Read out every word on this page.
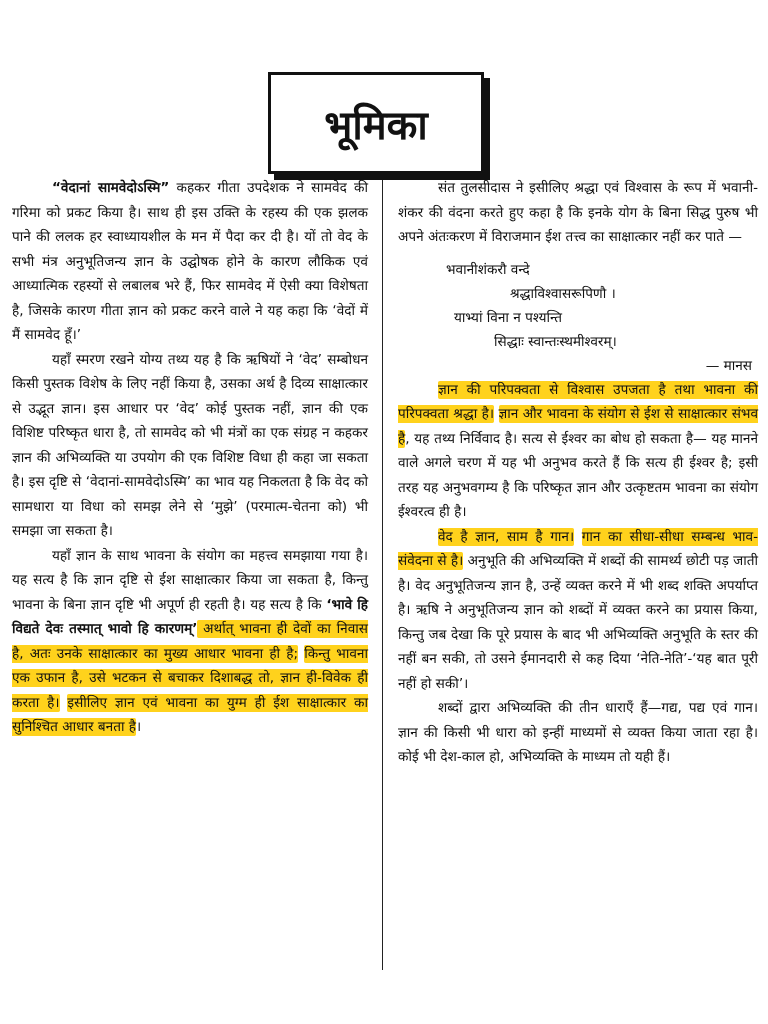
भूमिका

“वेदानां सामवेदोऽस्मि” कहकर गीता उपदेशक ने सामवेद की गरिमा को प्रकट किया है। साथ ही इस उक्ति के रहस्य की एक झलक पाने की ललक हर स्वाध्यायशील के मन में पैदा कर दी है। यों तो वेद के सभी मंत्र अनुभूतिजन्य ज्ञान के उद्घोषक होने के कारण लौकिक एवं आध्यात्मिक रहस्यों से लबालब भरे हैं, फिर सामवेद में ऐसी क्या विशेषता है, जिसके कारण गीता ज्ञान को प्रकट करने वाले ने यह कहा कि ‘वेदों में मैं सामवेद हूँ।’

यहाँ स्मरण रखने योग्य तथ्य यह है कि ऋषियों ने ‘वेद’ सम्बोधन किसी पुस्तक विशेष के लिए नहीं किया है, उसका अर्थ है दिव्य साक्षात्कार से उद्भूत ज्ञान। इस आधार पर ‘वेद’ कोई पुस्तक नहीं, ज्ञान की एक विशिष्ट परिष्कृत धारा है, तो सामवेद को भी मंत्रों का एक संग्रह न कहकर ज्ञान की अभिव्यक्ति या उपयोग की एक विशिष्ट विधा ही कहा जा सकता है। इस दृष्टि से ‘वेदानां-सामवेदोऽस्मि’ का भाव यह निकलता है कि वेद को सामधारा या विधा को समझ लेने से ‘मुझे’ (परमात्म-चेतना को) भी समझा जा सकता है।

यहाँ ज्ञान के साथ भावना के संयोग का महत्त्व समझाया गया है। यह सत्य है कि ज्ञान दृष्टि से ईश साक्षात्कार किया जा सकता है, किन्तु भावना के बिना ज्ञान दृष्टि भी अपूर्ण ही रहती है। यह सत्य है कि ‘भावे हि विद्यते देवः तस्मात् भावो हि कारणम्’ अर्थात् भावना ही देवों का निवास है, अतः उनके साक्षात्कार का मुख्य आधार भावना ही है; किन्तु भावना एक उफान है, उसे भटकन से बचाकर दिशाबद्ध तो, ज्ञान ही-विवेक ही करता है। इसीलिए ज्ञान एवं भावना का युग्म ही ईश साक्षात्कार का सुनिश्चित आधार बनता है।

संत तुलसीदास ने इसीलिए श्रद्धा एवं विश्वास के रूप में भवानी-शंकर की वंदना करते हुए कहा है कि इनके योग के बिना सिद्ध पुरुष भी अपने अंतःकरण में विराजमान ईश तत्त्व का साक्षात्कार नहीं कर पाते —

भवानीशंकरौ वन्दे
श्रद्धाविश्वासरूपिणौ ।
याभ्यां विना न पश्यन्ति
सिद्धाः स्वान्तःस्थमीश्वरम्।
— मानस

ज्ञान की परिपक्वता से विश्वास उपजता है तथा भावना की परिपक्वता श्रद्धा है। ज्ञान और भावना के संयोग से ईश से साक्षात्कार संभव है, यह तथ्य निर्विवाद है। सत्य से ईश्वर का बोध हो सकता है— यह मानने वाले अगले चरण में यह भी अनुभव करते हैं कि सत्य ही ईश्वर है; इसी तरह यह अनुभवगम्य है कि परिष्कृत ज्ञान और उत्कृष्टतम भावना का संयोग ईश्वरत्व ही है।

वेद है ज्ञान, साम है गान। गान का सीधा-सीधा सम्बन्ध भाव-संवेदना से है। अनुभूति की अभिव्यक्ति में शब्दों की सामर्थ्य छोटी पड़ जाती है। वेद अनुभूतिजन्य ज्ञान है, उन्हें व्यक्त करने में भी शब्द शक्ति अपर्याप्त है। ऋषि ने अनुभूतिजन्य ज्ञान को शब्दों में व्यक्त करने का प्रयास किया, किन्तु जब देखा कि पूरे प्रयास के बाद भी अभिव्यक्ति अनुभूति के स्तर की नहीं बन सकी, तो उसने ईमानदारी से कह दिया ‘नेति-नेति’-‘यह बात पूरी नहीं हो सकी’।

शब्दों द्वारा अभिव्यक्ति की तीन धाराएँ हैं—गद्य, पद्य एवं गान। ज्ञान की किसी भी धारा को इन्हीं माध्यमों से व्यक्त किया जाता रहा है। कोई भी देश-काल हो, अभिव्यक्ति के माध्यम तो यही हैं।
